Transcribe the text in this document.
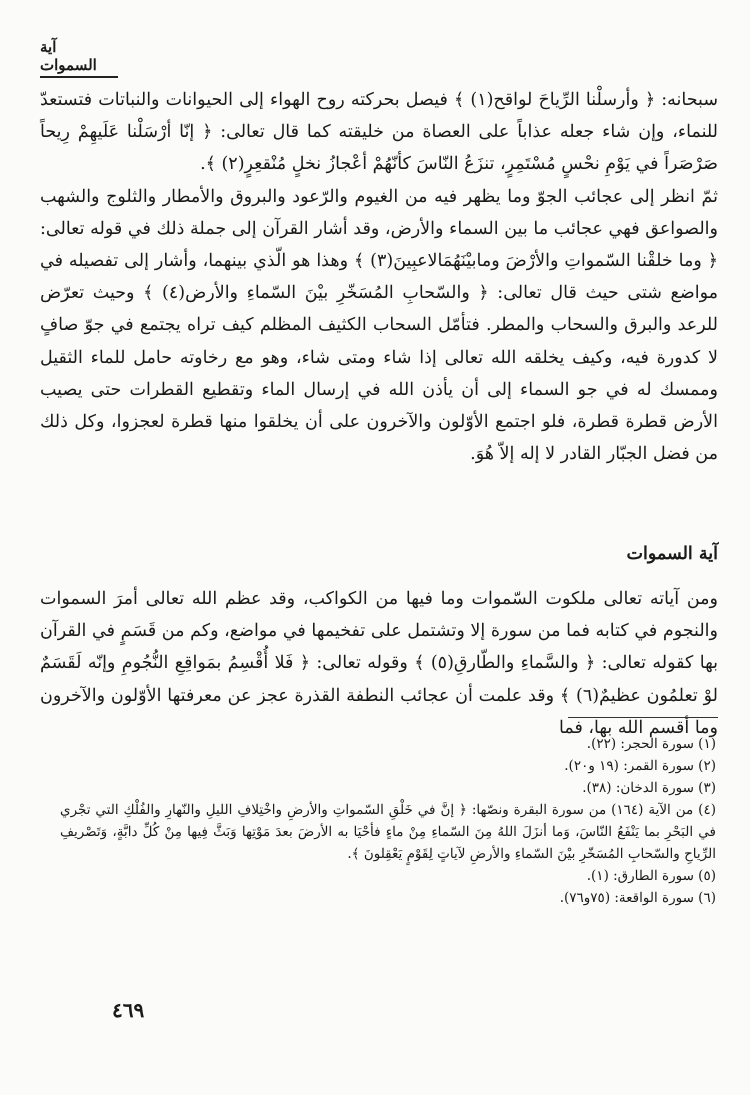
آية السموات

سبحانه: ﴿ وأرسلْنا الرِّياحَ لواقح(١) ﴾ فيصل بحركته روح الهواء إلى الحيوانات والنباتات فتستعدّ للنماء، وإن شاء جعله عذاباً على العصاة من خليقته كما قال تعالى: ﴿ إنّا أرْسَلْنا عَلَيهِمْ رِيحاً صَرْصَراً في يَوْمِ نحْسٍ مُسْتَمِرٍ، تنزَعُ النّاسَ كأنّهُمْ أعْجازُ نخلٍ مُنْقعِرٍ(٢) ﴾.

ثمّ انظر إلى عجائب الجوّ وما يظهر فيه من الغيوم والرّعود والبروق والأمطار والثلوج والشهب والصواعق فهي عجائب ما بين السماء والأرض، وقد أشار القرآن إلى جملة ذلك في قوله تعالى: ﴿ وما خلقْنا السّمواتِ والأرْضَ ومابيْنَهُمَالاعبِينَ(٣) ﴾ وهذا هو الّذي بينهما، وأشار إلى تفصيله في مواضع شتى حيث قال تعالى: ﴿ والسّحابِ المُسَخّرِ بيْنَ السّماءِ والأرض(٤) ﴾ وحيث تعرّض للرعد والبرق والسحاب والمطر. فتأمّل السحاب الكثيف المظلم كيف تراه يجتمع في جوّ صافٍ لا كدورة فيه، وكيف يخلقه الله تعالى إذا شاء ومتى شاء، وهو مع رخاوته حامل للماء الثقيل وممسك له في جو السماء إلى أن يأذن الله في إرسال الماء وتقطيع القطرات حتى يصيب الأرض قطرة قطرة، فلو اجتمع الأوّلون والآخرون على أن يخلقوا منها قطرة لعجزوا، وكل ذلك من فضل الجبّار القادر لا إله إلاّ هُوَ.

آية السموات

ومن آياته تعالى ملكوت السّموات وما فيها من الكواكب، وقد عظم الله تعالى أمرَ السموات والنجوم في كتابه فما من سورة إلا وتشتمل على تفخيمها في مواضع، وكم من قَسَمٍ في القرآن بها كقوله تعالى: ﴿ والسَّماءِ والطّارقِ(٥) ﴾ وقوله تعالى: ﴿ فَلا أُقْسِمُ بمَواقِعِ النُّجُومِ وإنّه لَقَسَمٌ لوْ تعلمُون عظيمٌ(٦) ﴾ وقد علمت أن عجائب النطفة القذرة عجز عن معرفتها الأوّلون والآخرون وما أقسم الله بها، فما

(١) سورة الحجر: (٢٢).

(٢) سورة القمر: (١٩ و٢٠).

(٣) سورة الدخان: (٣٨).

(٤) من الآية (١٦٤) من سورة البقرة ونصّها: ﴿ إنَّ في خَلْقِ السّمواتِ والأرضِ واخْتِلافِ الليلِ والنّهارِ والفُلْكِ التي تجْري في البَحْرِ بما يَنْفَعُ النّاسَ، وَما أنزَلَ اللهُ مِنَ السّماءِ مِنْ ماءٍ فأحْيَا به الأرضَ بعدَ مَوْتِها وَبَثَّ فِيها مِنْ كُلِّ دابَّةٍ، وَتَصْريفِ الرِّياحِ والسّحابِ المُسَخّرِ بيْنَ السّماءِ والأرضِ لآياتٍ لِقَوْمٍ يَعْقِلونَ ﴾.

(٥) سورة الطارق: (١).

(٦) سورة الواقعة: (٧٥و٧٦).

٤٦٩
